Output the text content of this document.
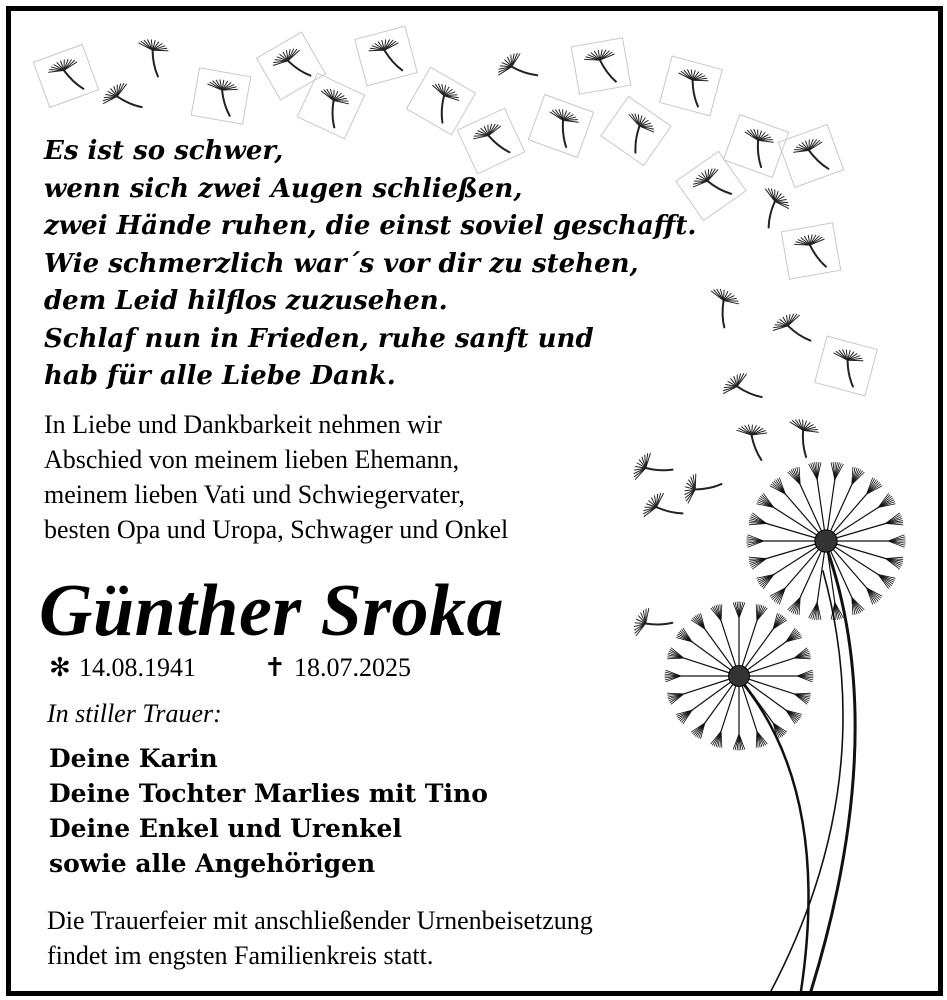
Es ist so schwer,
wenn sich zwei Augen schließen,
zwei Hände ruhen, die einst soviel geschafft.
Wie schmerzlich war´s vor dir zu stehen,
dem Leid hilflos zuzusehen.
Schlaf nun in Frieden, ruhe sanft und
hab für alle Liebe Dank.
In Liebe und Dankbarkeit nehmen wir
Abschied von meinem lieben Ehemann,
meinem lieben Vati und Schwiegervater,
besten Opa und Uropa, Schwager und Onkel
Günther Sroka
✻ 14.08.1941	✝ 18.07.2025
In stiller Trauer:
Deine Karin
Deine Tochter Marlies mit Tino
Deine Enkel und Urenkel
sowie alle Angehörigen
Die Trauerfeier mit anschließender Urnenbeisetzung
findet im engsten Familienkreis statt.
